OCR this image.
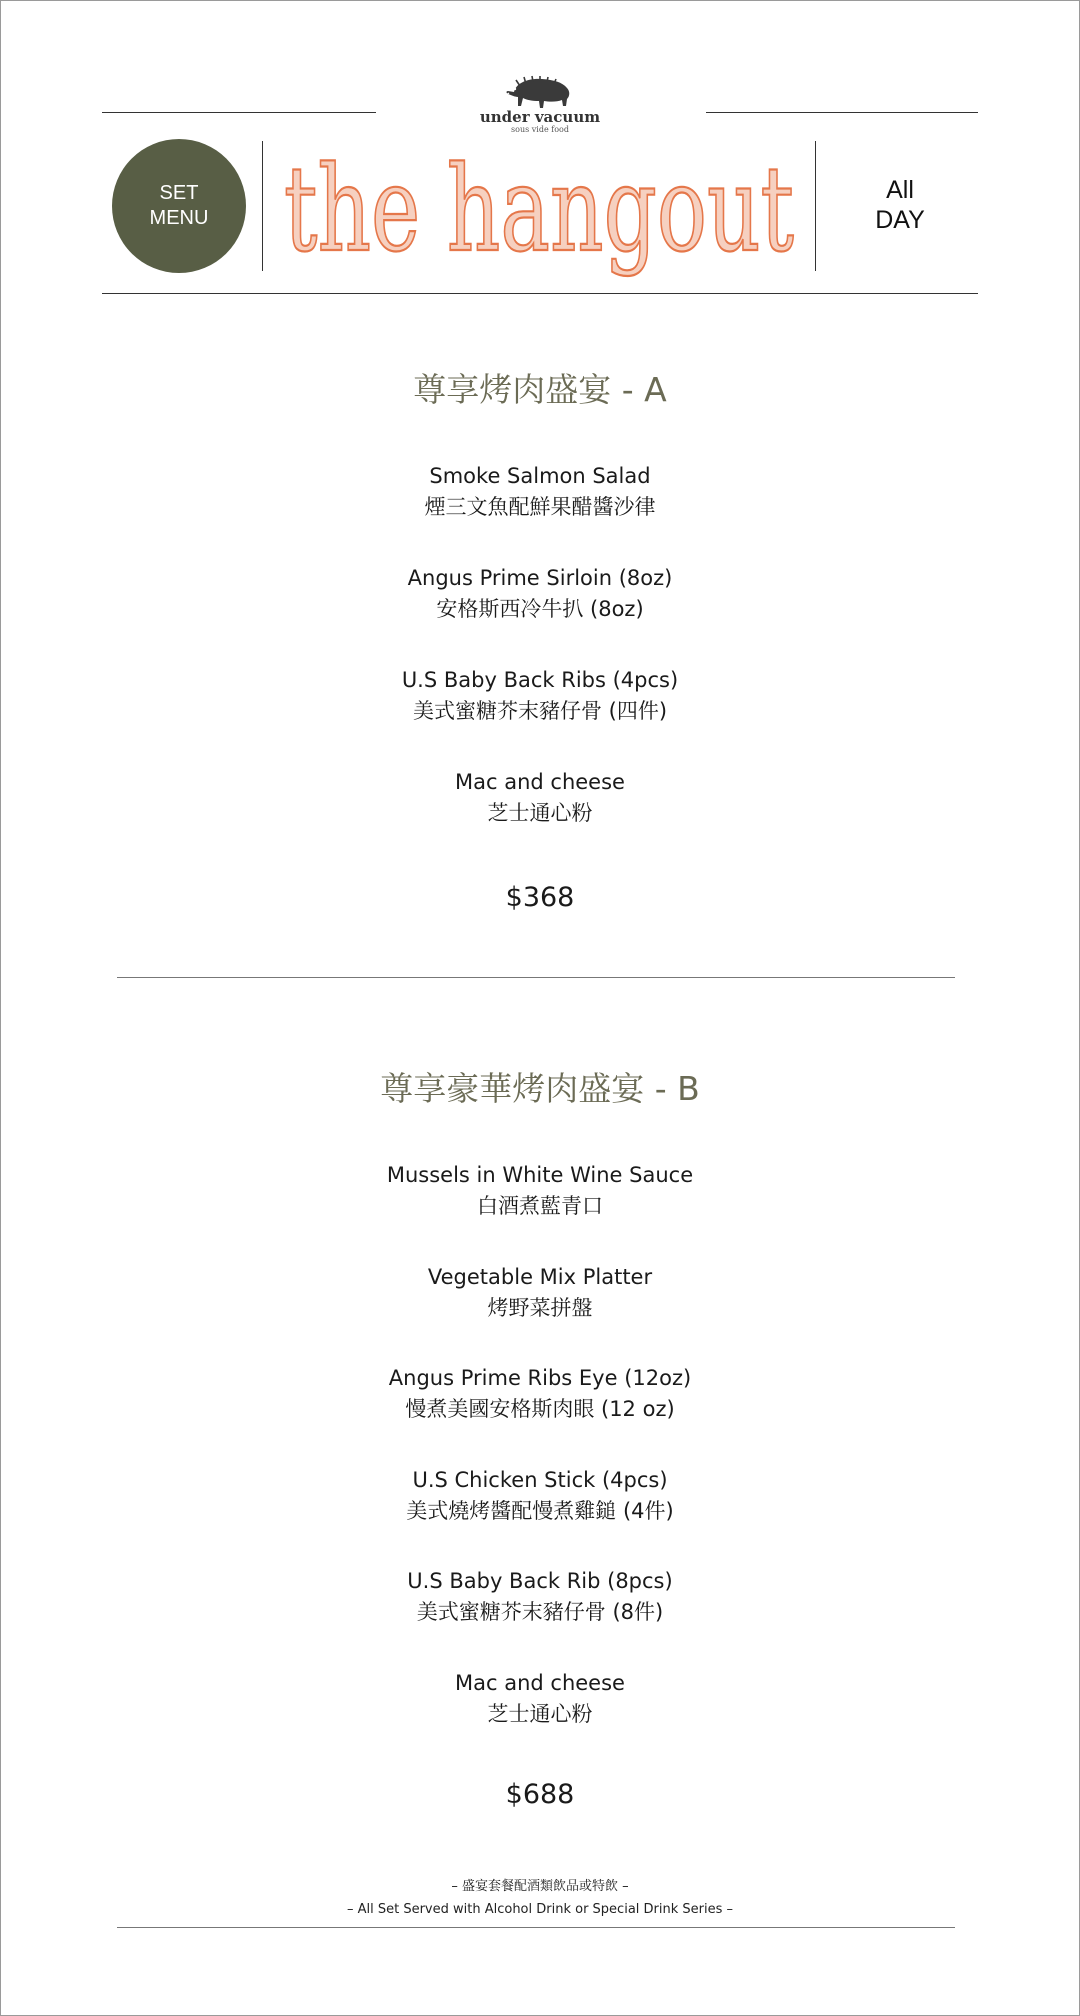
under vacuum
sous vide food
SET
MENU the hangout
the hangout	All
DAY
尊享烤肉盛宴 - A
Smoke Salmon Salad
煙三文魚配鮮果醋醬沙律
Angus Prime Sirloin (8oz)
安格斯西冷牛扒 (8oz)
U.S Baby Back Ribs (4pcs)
美式蜜糖芥末豬仔骨 (四件)
Mac and cheese
芝士通心粉
$368
尊享豪華烤肉盛宴 - B
Mussels in White Wine Sauce
白酒煮藍青口
Vegetable Mix Platter
烤野菜拼盤
Angus Prime Ribs Eye (12oz)
慢煮美國安格斯肉眼 (12 oz)
U.S Chicken Stick (4pcs)
美式燒烤醬配慢煮雞鎚 (4件)
U.S Baby Back Rib (8pcs)
美式蜜糖芥末豬仔骨 (8件)
Mac and cheese
芝士通心粉
$688
– 盛宴套餐配酒類飲品或特飲 –
– All Set Served with Alcohol Drink or Special Drink Series –
